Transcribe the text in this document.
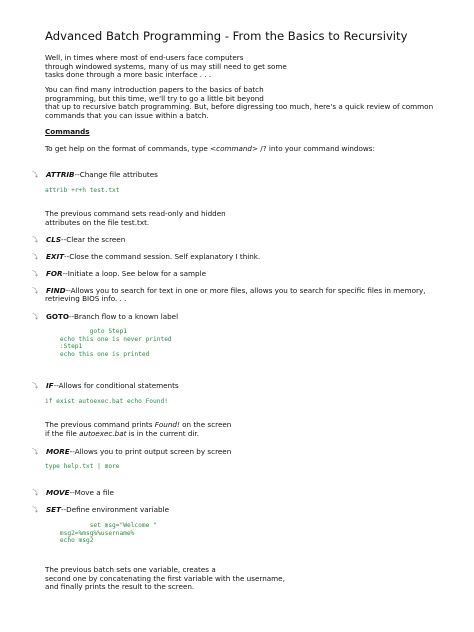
Advanced Batch Programming - From the Basics to Recursivity
Well, in times where most of end-users face computers
through windowed systems, many of us may still need to get some
tasks done through a more basic interface . . .
You can find many introduction papers to the basics of batch
programming, but this time, we'll try to go a little bit beyond
that up to recursive batch programming. But, before digressing too much, here's a quick review of common
commands that you can issue within a batch.
Commands
To get help on the format of commands, type <command> /? into your command windows:
⤵ ATTRIB--Change file attributes
attrib +r+h test.txt
The previous command sets read-only and hidden
attributes on the file test.txt.
⤵ CLS--Clear the screen
⤵ EXIT--Close the command session. Self explanatory I think.
⤵ FOR--Initiate a loop. See below for a sample
⤵ FIND--Allows you to search for text in one or more files, allows you to search for specific files in memory,
retrieving BIOS info. . .
⤵ GOTO--Branch flow to a known label
goto Step1
echo this one is never printed
:Step1
echo this one is printed
⤵ IF--Allows for conditional statements
if exist autoexec.bat echo Found!
The previous command prints Found! on the screen
if the file autoexec.bat is in the current dir.
⤵ MORE--Allows you to print output screen by screen
type help.txt | more
⤵ MOVE--Move a file
⤵ SET--Define environment variable
set msg="Welcome "
msg2=%msg%%username%
echo msg2
The previous batch sets one variable, creates a
second one by concatenating the first variable with the username,
and finally prints the result to the screen.
